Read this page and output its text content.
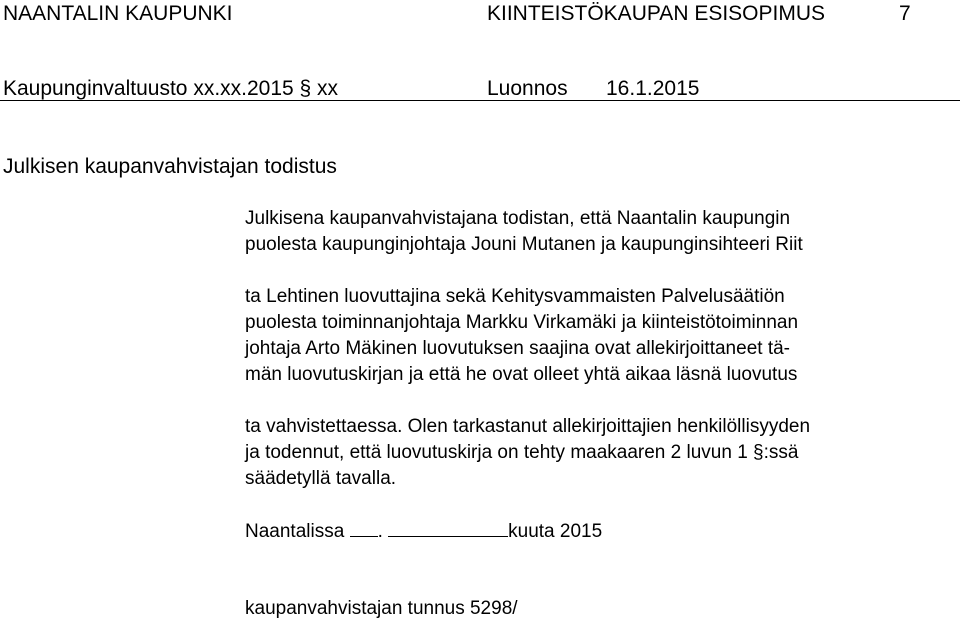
NAANTALIN KAUPUNKI	KIINTEISTÖKAUPAN ESISOPIMUS	7
Kaupunginvaltuusto xx.xx.2015 § xx	Luonnos 16.1.2015
Julkisen kaupanvahvistajan todistus
Julkisena kaupanvahvistajana todistan, että Naantalin kaupungin
puolesta kaupunginjohtaja Jouni Mutanen ja kaupunginsihteeri Riit
ta Lehtinen luovuttajina sekä Kehitysvammaisten Palvelusäätiön
puolesta toiminnanjohtaja Markku Virkamäki ja kiinteistötoiminnan
johtaja Arto Mäkinen luovutuksen saajina ovat allekirjoittaneet tä-
män luovutuskirjan ja että he ovat olleet yhtä aikaa läsnä luovutus
ta vahvistettaessa. Olen tarkastanut allekirjoittajien henkilöllisyyden
ja todennut, että luovutuskirja on tehty maakaaren 2 luvun 1 §:ssä
säädetyllä tavalla.
Naantalissa .	kuuta 2015
kaupanvahvistajan tunnus 5298/
